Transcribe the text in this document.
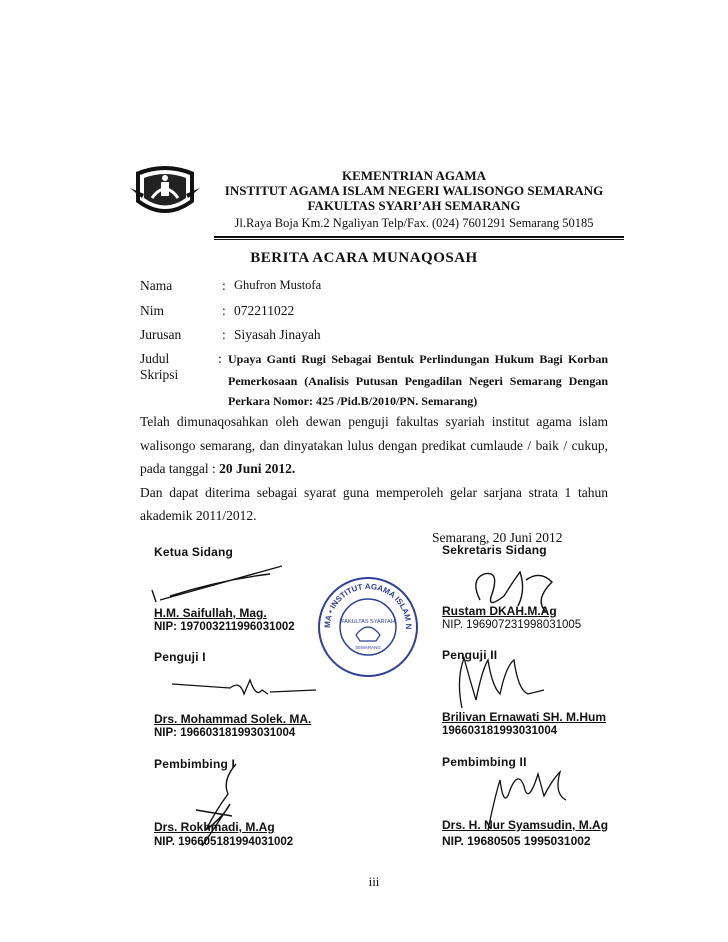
KEMENTRIAN AGAMA
INSTITUT AGAMA ISLAM NEGERI WALISONGO SEMARANG
FAKULTAS SYARI’AH SEMARANG
Jl.Raya Boja Km.2 Ngaliyan Telp/Fax. (024) 7601291 Semarang 50185
BERITA ACARA MUNAQOSAH
Nama	: Ghufron Mustofa
Nim	: 072211022
Jurusan	: Siyasah Jinayah
Judul Skripsi
: Upaya Ganti Rugi Sebagai Bentuk Perlindungan Hukum Bagi Korban
Pemerkosaan (Analisis Putusan Pengadilan Negeri Semarang Dengan
Perkara Nomor: 425 /Pid.B/2010/PN. Semarang)
Telah dimunaqosahkan oleh dewan penguji fakultas syariah institut agama islam
walisongo semarang, dan dinyatakan lulus dengan predikat cumlaude / baik / cukup,
pada tanggal : 20 Juni 2012.
Dan dapat diterima sebagai syarat guna memperoleh gelar sarjana strata 1 tahun
akademik 2011/2012.
Semarang, 20 Juni 2012
Ketua Sidang
H.M. Saifullah, Mag.
NIP: 197003211996031002
Sekretaris Sidang
Rustam DKAH.M.Ag
NIP. 196907231998031005
MA • INSTITUT AGAMA ISLAM N
FAKULTAS SYARI'AH
SEMARANG
Penguji I
Drs. Mohammad Solek. MA.
NIP: 196603181993031004
Penguji II
Brilivan Ernawati SH. M.Hum
196603181993031004
Pembimbing I
Drs. Rokhmadi, M.Ag
NIP. 196605181994031002
Pembimbing II
Drs. H. Nur Syamsudin, M.Ag
NIP. 19680505 1995031002
iii
